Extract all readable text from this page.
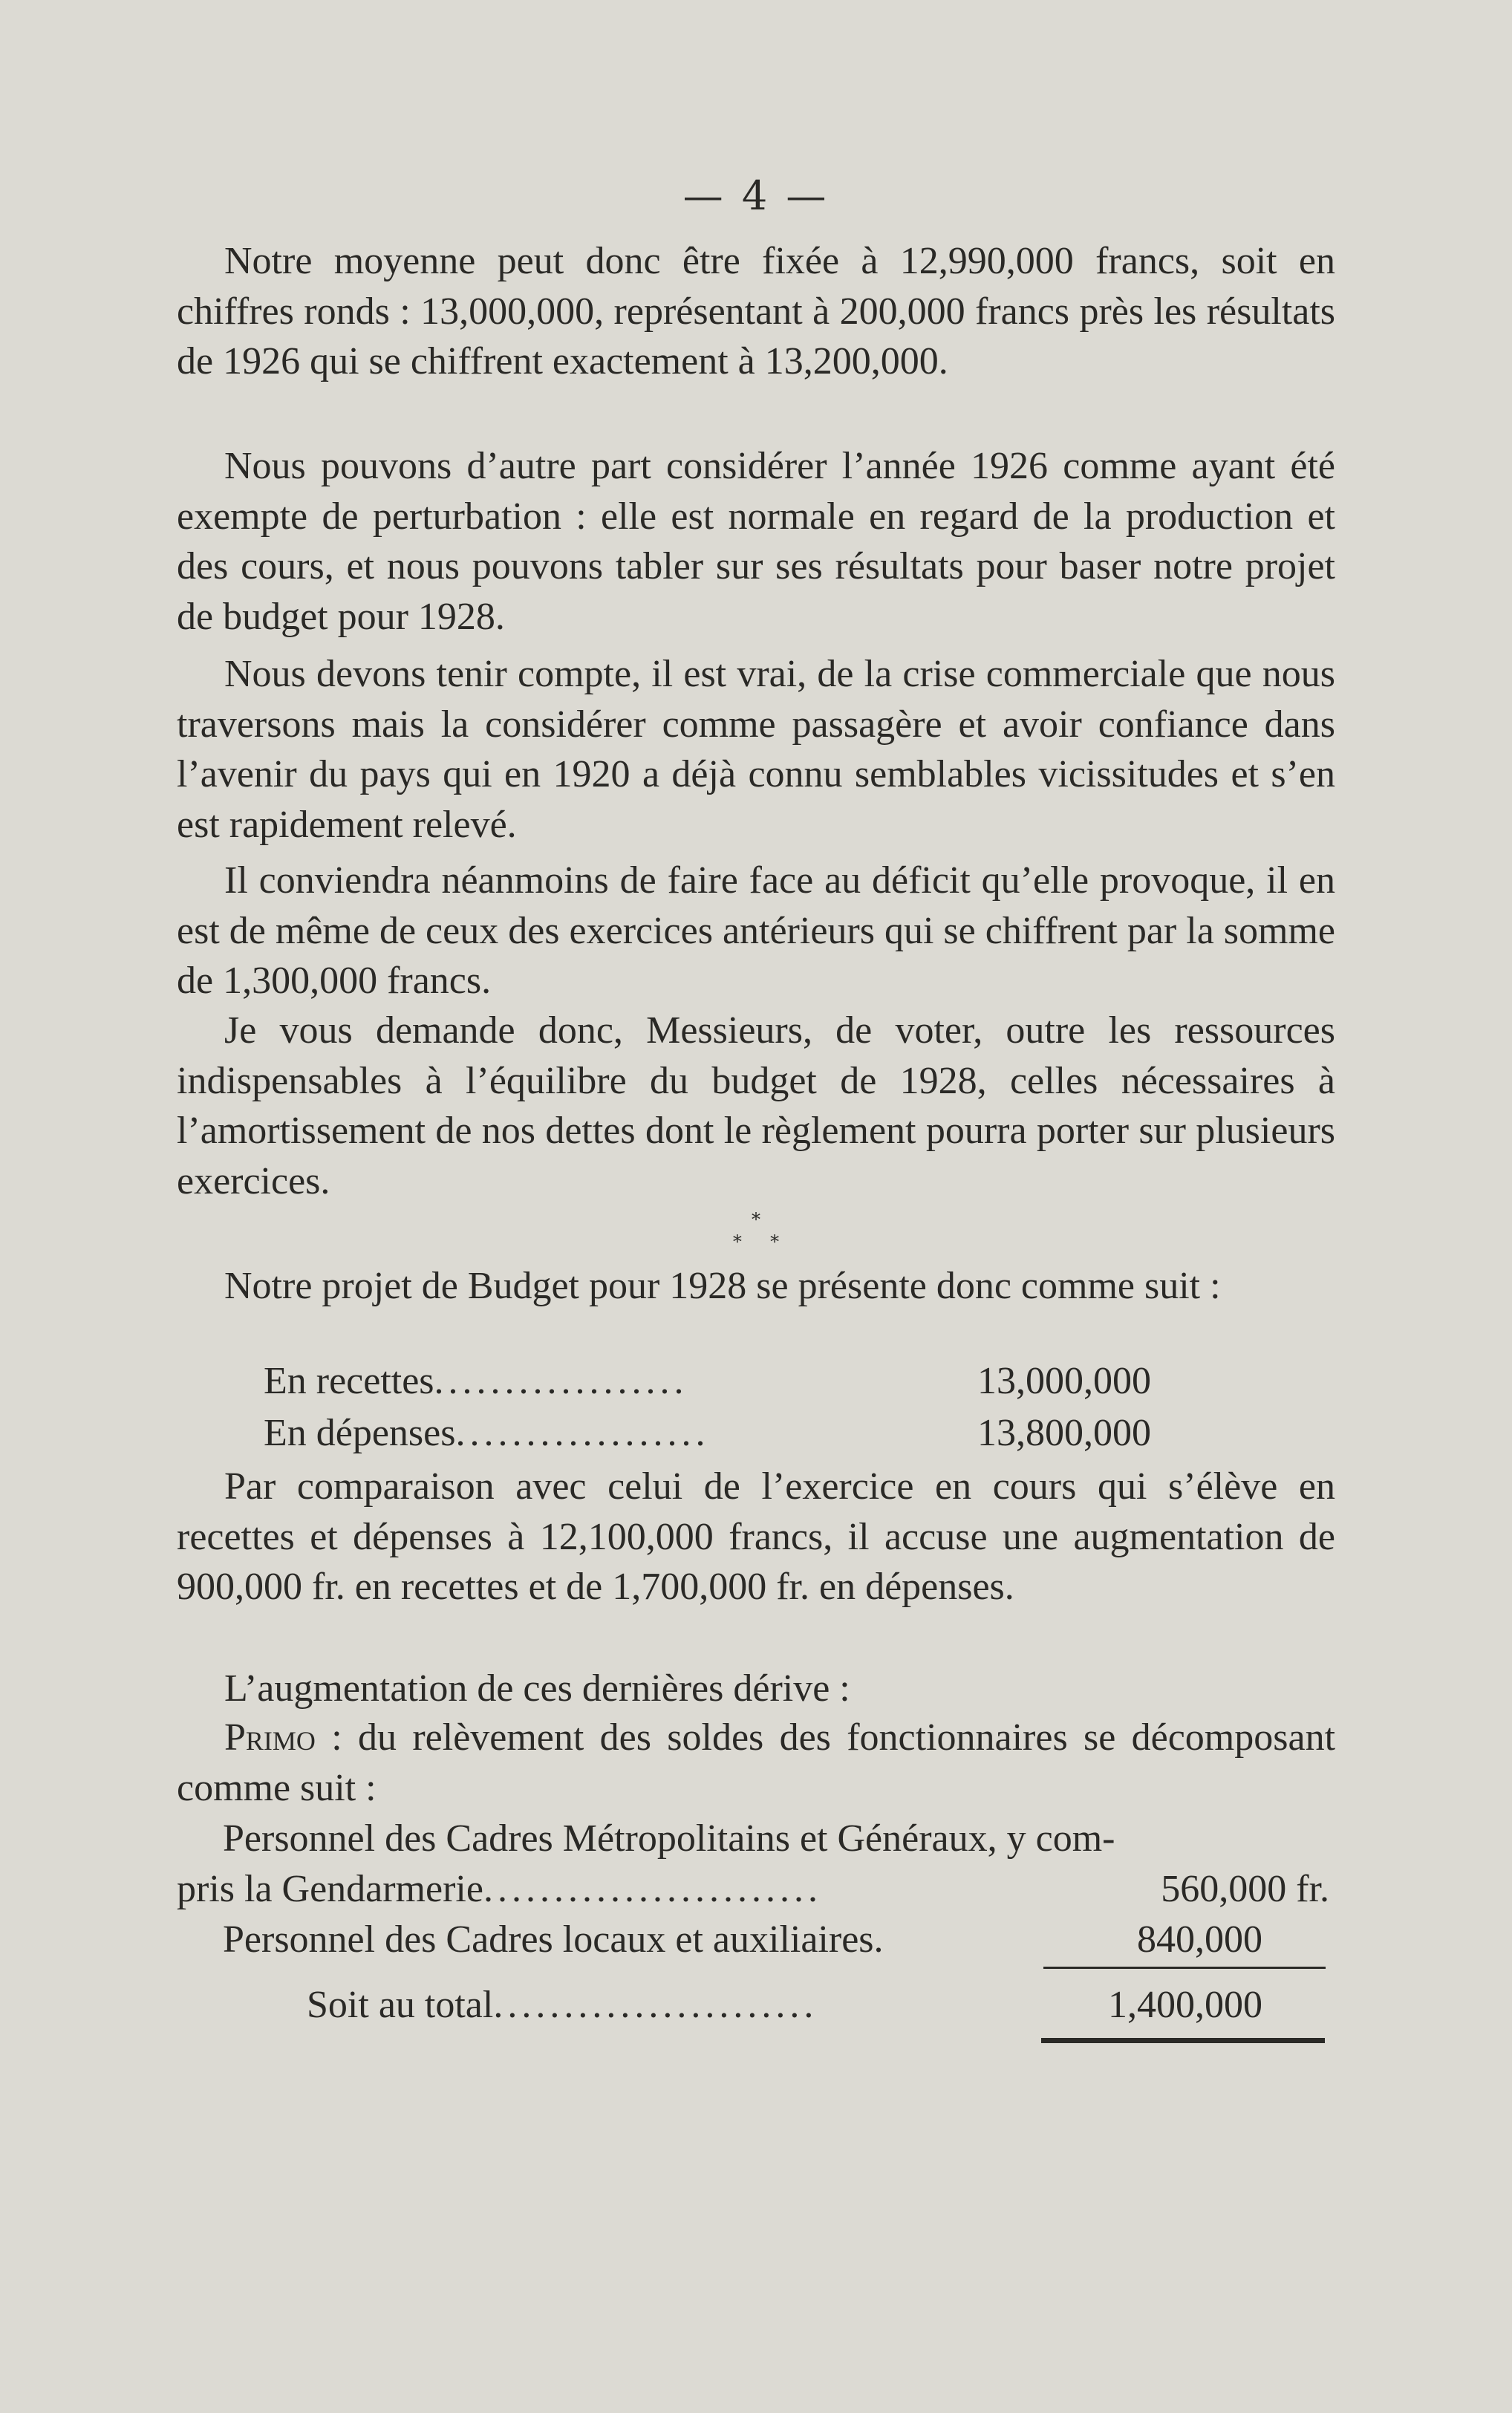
— 4 —

Notre moyenne peut donc être fixée à 12,990,000 francs, soit en chiffres ronds : 13,000,000, représentant à 200,000 francs près les résultats de 1926 qui se chiffrent exactement à 13,200,000.

Nous pouvons d’autre part considérer l’année 1926 comme ayant été exempte de perturbation : elle est normale en regard de la production et des cours, et nous pouvons tabler sur ses résultats pour baser notre projet de budget pour 1928.

Nous devons tenir compte, il est vrai, de la crise commerciale que nous traversons mais la considérer comme passagère et avoir confiance dans l’avenir du pays qui en 1920 a déjà connu semblables vicissitudes et s’en est rapidement relevé.

Il conviendra néanmoins de faire face au déficit qu’elle provoque, il en est de même de ceux des exercices antérieurs qui se chiffrent par la somme de 1,300,000 francs.

Je vous demande donc, Messieurs, de voter, outre les ressources indispensables à l’équilibre du budget de 1928, celles nécessaires à l’amortissement de nos dettes dont le règlement pourra porter sur plusieurs exercices.

*
* *

Notre projet de Budget pour 1928 se présente donc comme suit :

En recettes..................	13,000,000
En dépenses..................	13,800,000

Par comparaison avec celui de l’exercice en cours qui s’élève en recettes et dépenses à 12,100,000 francs, il accuse une augmentation de 900,000 fr. en recettes et de 1,700,000 fr. en dépenses.

L’augmentation de ces dernières dérive :

Primo : du relèvement des soldes des fonctionnaires se décomposant comme suit :

Personnel des Cadres Métropolitains et Généraux, y com-
pris la Gendarmerie........................	560,000 fr.
Personnel des Cadres locaux et auxiliaires.	840,000
Soit au total.......................	1,400,000
